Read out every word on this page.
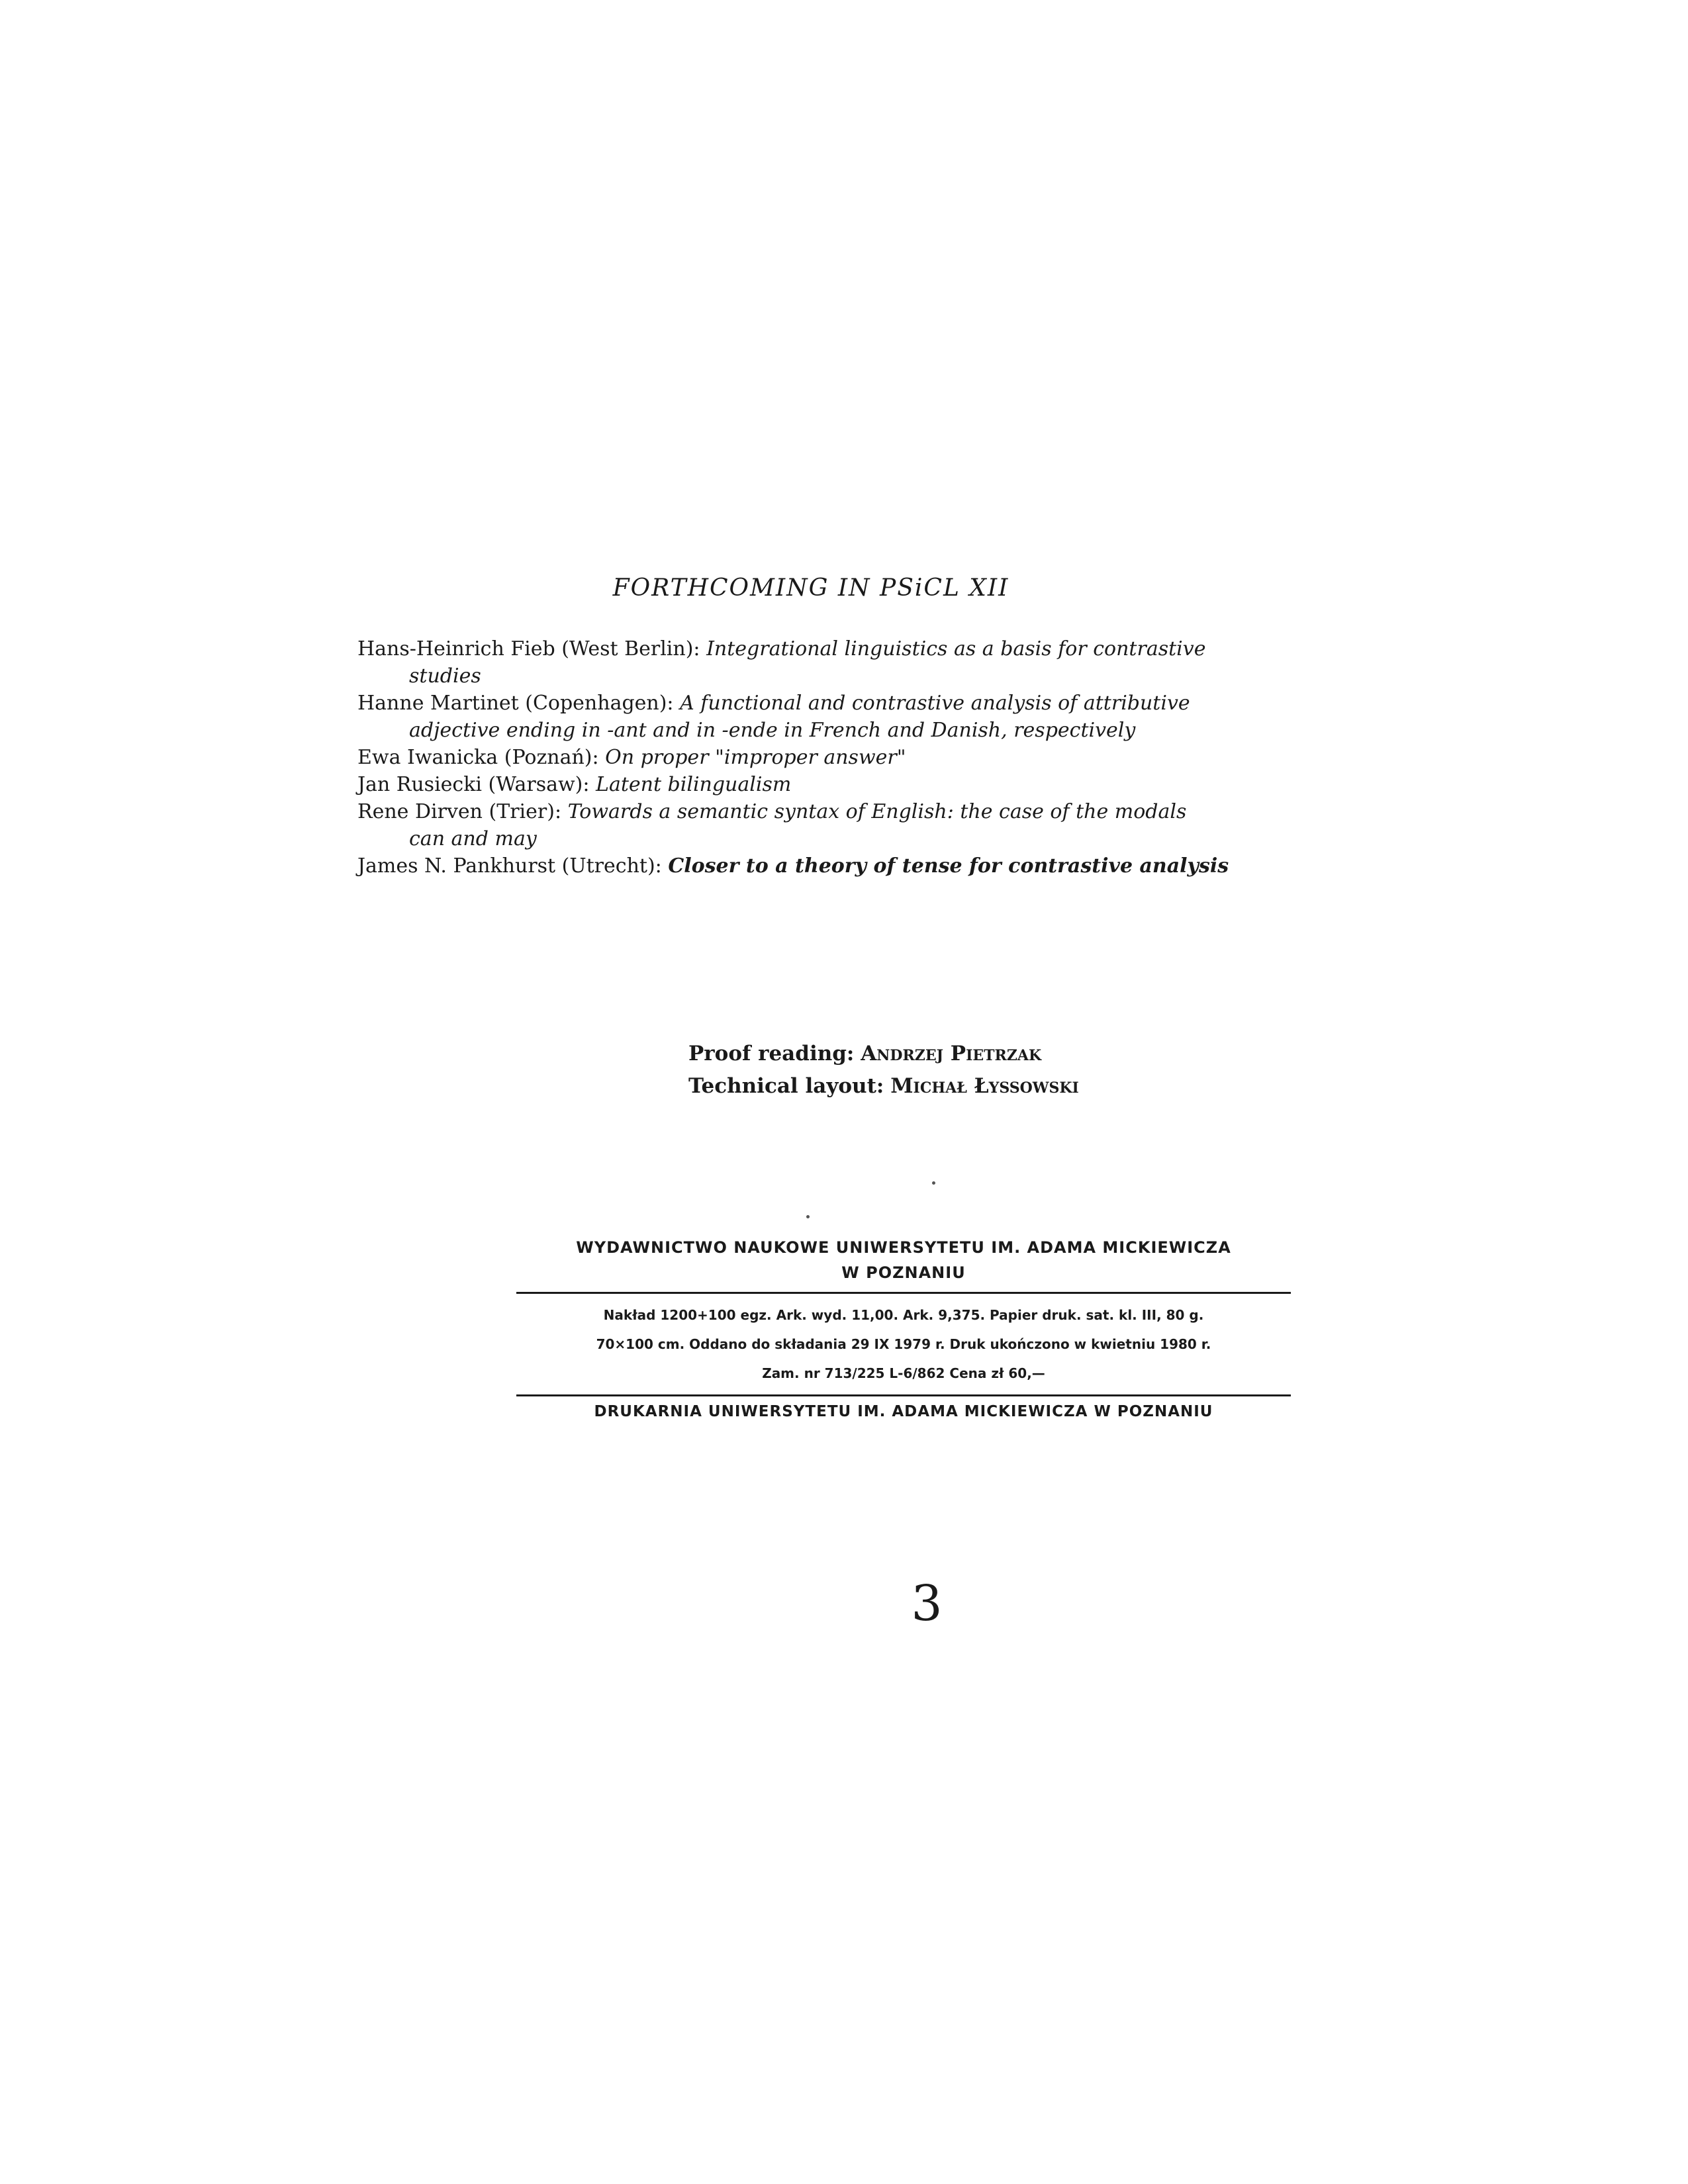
FORTHCOMING IN PSiCL XII

Hans-Heinrich Fieb (West Berlin): Integrational linguistics as a basis for contrastive
studies

Hanne Martinet (Copenhagen): A functional and contrastive analysis of attributive
adjective ending in -ant and in -ende in French and Danish, respectively

Ewa Iwanicka (Poznań): On proper "improper answer"

Jan Rusiecki (Warsaw): Latent bilingualism

Rene Dirven (Trier): Towards a semantic syntax of English: the case of the modals
can and may

James N. Pankhurst (Utrecht): Closer to a theory of tense for contrastive analysis

Proof reading: Andrzej Pietrzak
Technical layout: Michał Łyssowski
WYDAWNICTWO NAUKOWE UNIWERSYTETU IM. ADAMA MICKIEWICZA
W POZNANIU
Nakład 1200+100 egz. Ark. wyd. 11,00. Ark. 9,375. Papier druk. sat. kl. III, 80 g.
70×100 cm. Oddano do składania 29 IX 1979 r. Druk ukończono w kwietniu 1980 r.
Zam. nr 713/225 L-6/862 Cena zł 60,—
DRUKARNIA UNIWERSYTETU IM. ADAMA MICKIEWICZA W POZNANIU
3
